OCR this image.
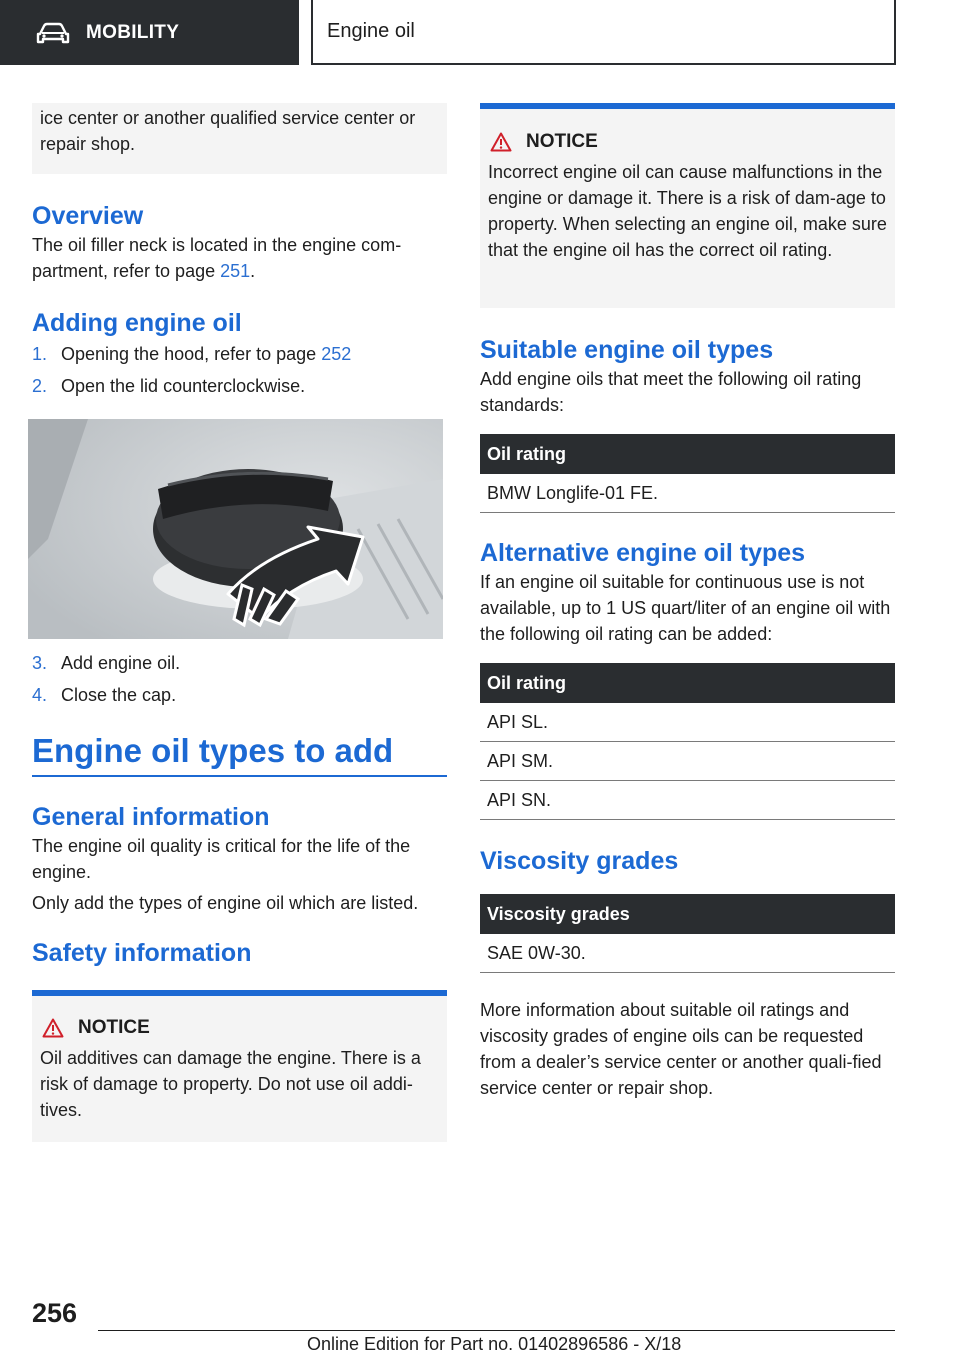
MOBILITY	Engine oil
ice center or another qualified service center or repair shop.
Overview
The oil filler neck is located in the engine com‐partment, refer to page 251.
Adding engine oil
1. Opening the hood, refer to page 252
2. Open the lid counterclockwise.
3. Add engine oil.
4. Close the cap.
Engine oil types to add
General information
The engine oil quality is critical for the life of the engine.
Only add the types of engine oil which are listed.
Safety information
NOTICE
Oil additives can damage the engine. There is a risk of damage to property. Do not use oil addi‐tives.
NOTICE
Incorrect engine oil can cause malfunctions in the engine or damage it. There is a risk of dam‐age to property. When selecting an engine oil, make sure that the engine oil has the correct oil rating.
Suitable engine oil types
Add engine oils that meet the following oil rating standards:
Oil rating
BMW Longlife-01 FE.
Alternative engine oil types
If an engine oil suitable for continuous use is not available, up to 1 US quart/liter of an engine oil with the following oil rating can be added:
Oil rating
API SL.
API SM.
API SN.
Viscosity grades
Viscosity grades
SAE 0W-30.
More information about suitable oil ratings and viscosity grades of engine oils can be requested from a dealer’s service center or another quali‐fied service center or repair shop.
256
Online Edition for Part no. 01402896586 - X/18
